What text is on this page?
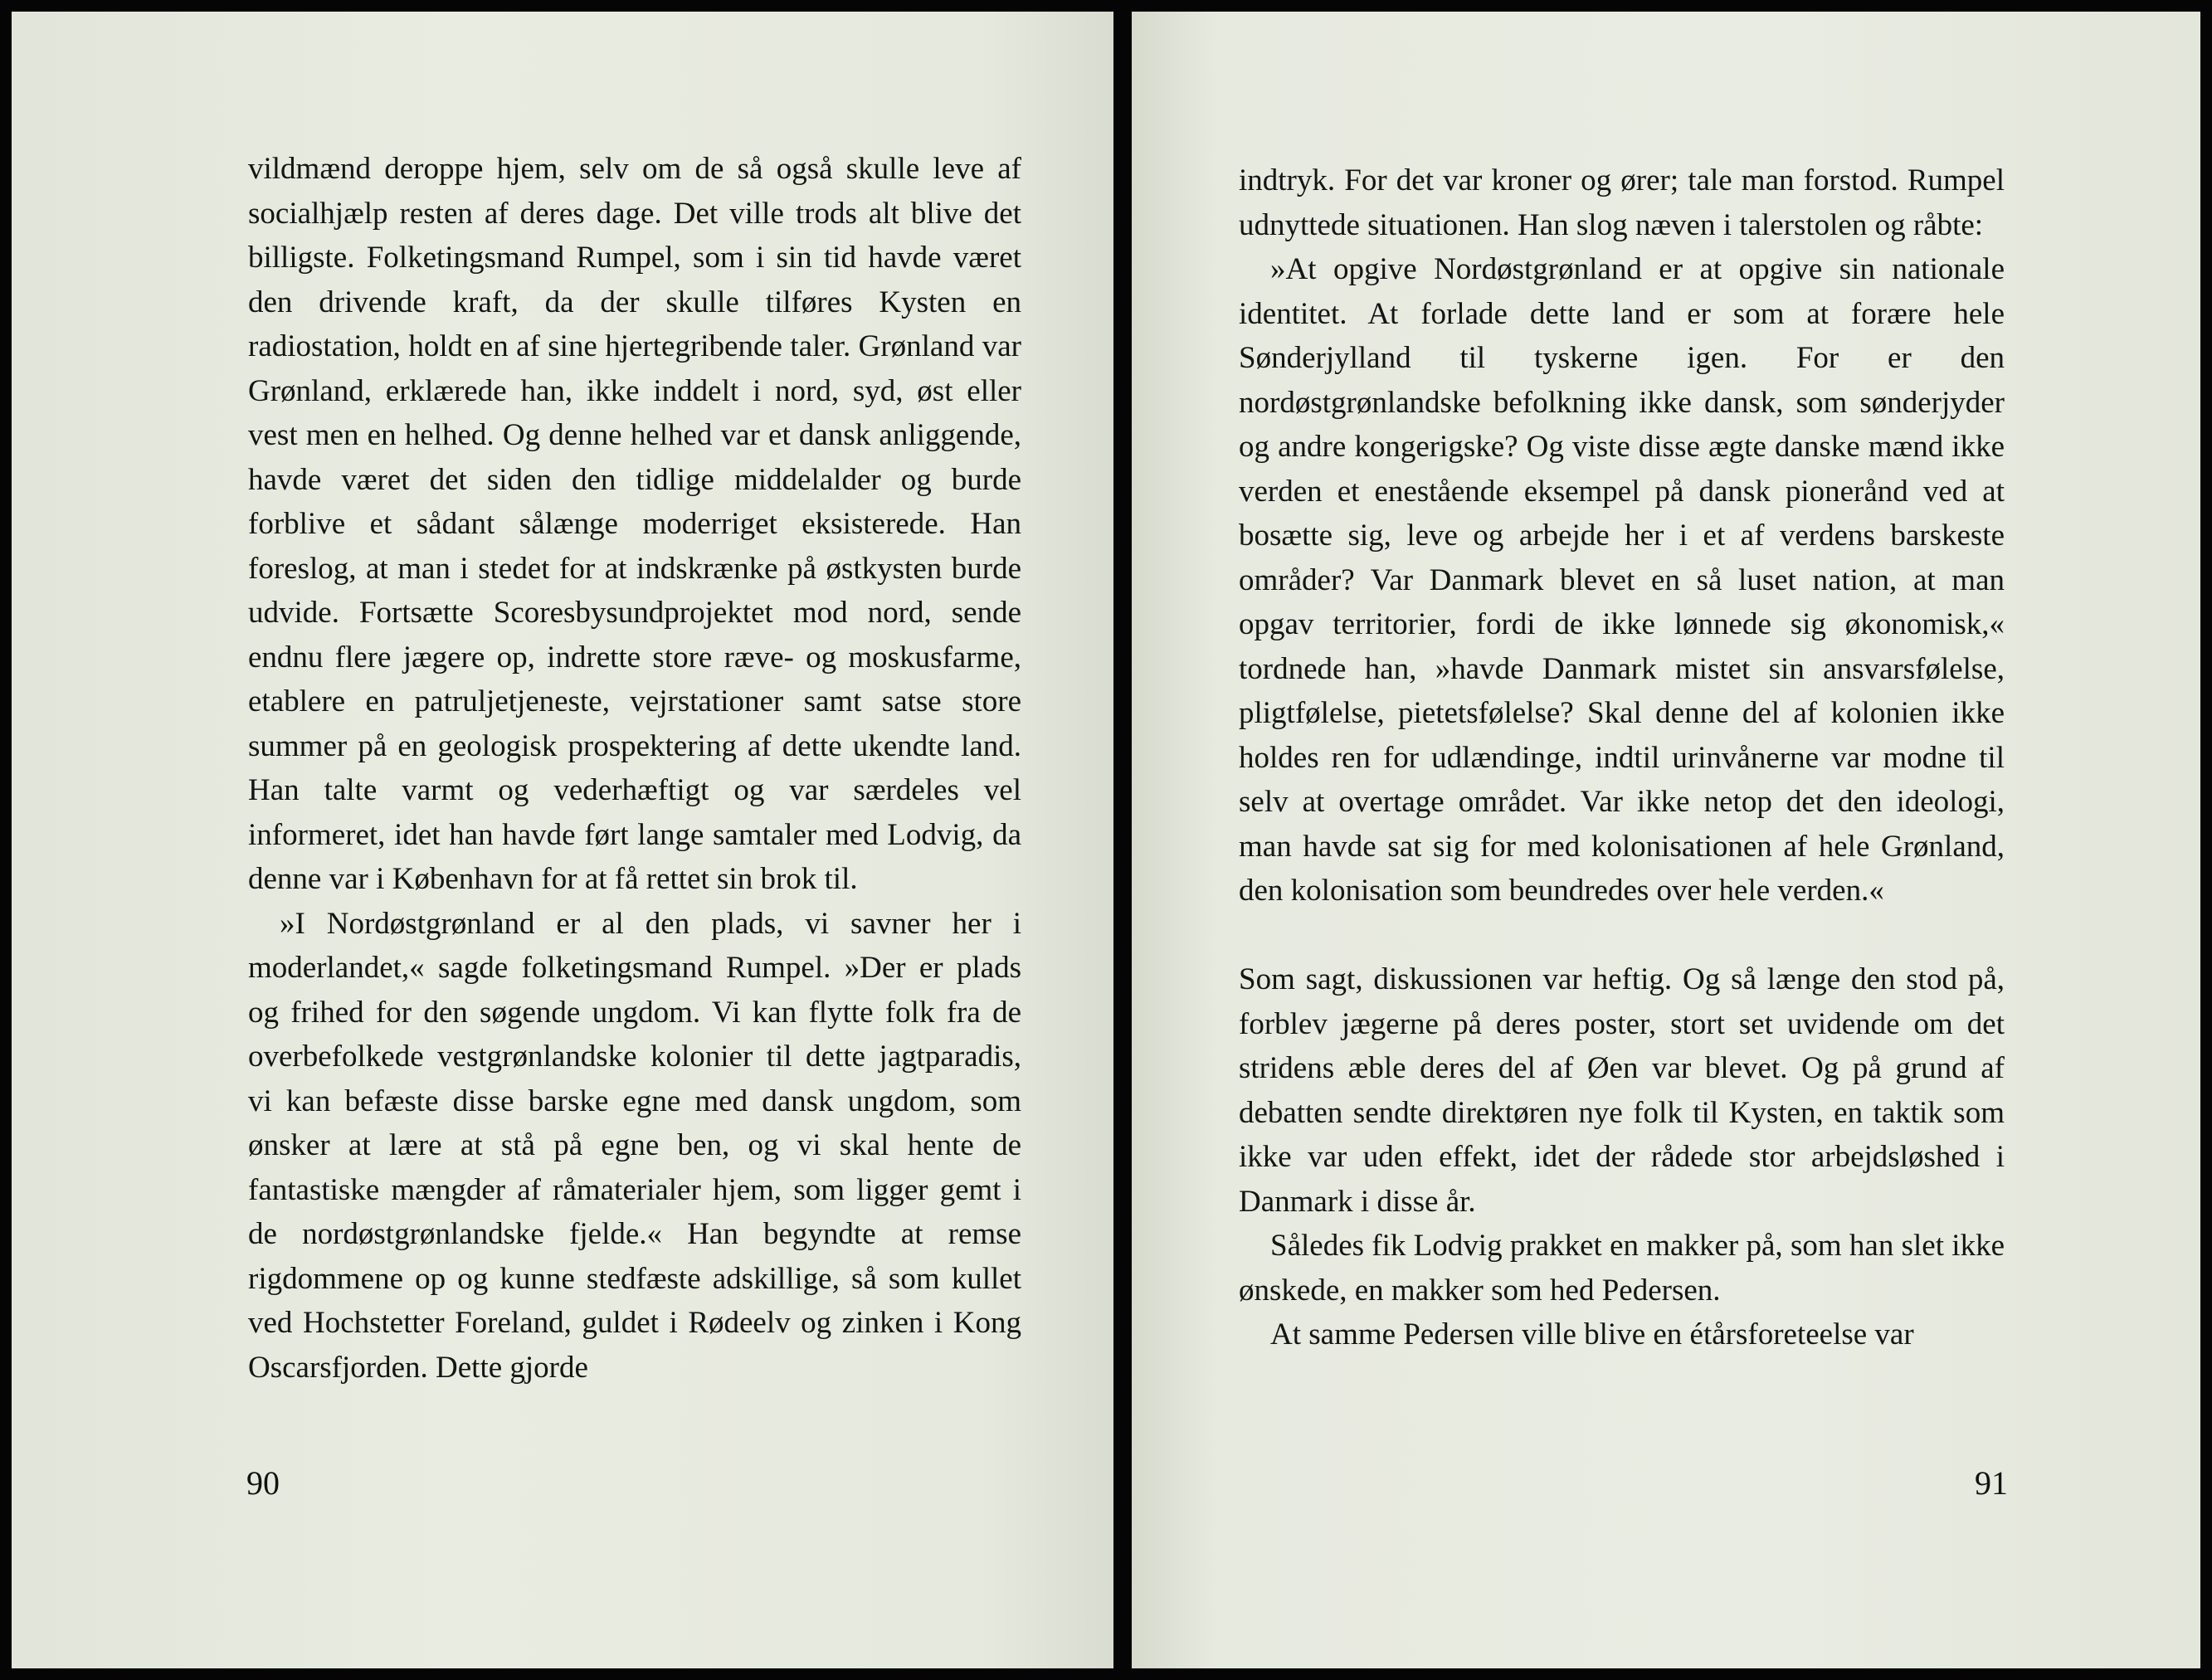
vildmænd deroppe hjem, selv om de så også skulle leve af socialhjælp resten af deres dage. Det ville trods alt blive det billigste. Folketingsmand Rumpel, som i sin tid havde været den drivende kraft, da der skulle tilføres Kysten en radiostation, holdt en af sine hjertegribende taler. Grønland var Grønland, erklærede han, ikke inddelt i nord, syd, øst eller vest men en helhed. Og denne helhed var et dansk anliggende, havde været det siden den tidlige middelalder og burde forblive et sådant sålænge moderriget eksisterede. Han foreslog, at man i stedet for at indskrænke på østkysten burde udvide. Fortsætte Scoresbysundprojektet mod nord, sende endnu flere jægere op, indrette store ræve- og moskusfarme, etablere en patruljetjeneste, vejrstationer samt satse store summer på en geologisk prospektering af dette ukendte land. Han talte varmt og vederhæftigt og var særdeles vel informeret, idet han havde ført lange samtaler med Lodvig, da denne var i København for at få rettet sin brok til.

»I Nordøstgrønland er al den plads, vi savner her i moderlandet,« sagde folketingsmand Rumpel. »Der er plads og frihed for den søgende ungdom. Vi kan flytte folk fra de overbefolkede vestgrønlandske kolonier til dette jagtparadis, vi kan befæste disse barske egne med dansk ungdom, som ønsker at lære at stå på egne ben, og vi skal hente de fantastiske mængder af råmaterialer hjem, som ligger gemt i de nordøstgrønlandske fjelde.« Han begyndte at remse rigdommene op og kunne stedfæste adskillige, så som kullet ved Hochstetter Foreland, guldet i Rødeelv og zinken i Kong Oscarsfjorden. Dette gjorde

90

indtryk. For det var kroner og ører; tale man forstod. Rumpel udnyttede situationen. Han slog næven i talerstolen og råbte:

»At opgive Nordøstgrønland er at opgive sin nationale identitet. At forlade dette land er som at forære hele Sønderjylland til tyskerne igen. For er den nordøstgrønlandske befolkning ikke dansk, som sønderjyder og andre kongerigske? Og viste disse ægte danske mænd ikke verden et enestående eksempel på dansk pionerånd ved at bosætte sig, leve og arbejde her i et af verdens barskeste områder? Var Danmark blevet en så luset nation, at man opgav territorier, fordi de ikke lønnede sig økonomisk,« tordnede han, »havde Danmark mistet sin ansvarsfølelse, pligtfølelse, pietetsfølelse? Skal denne del af kolonien ikke holdes ren for udlændinge, indtil urinvånerne var modne til selv at overtage området. Var ikke netop det den ideologi, man havde sat sig for med kolonisationen af hele Grønland, den kolonisation som beundredes over hele verden.«

Som sagt, diskussionen var heftig. Og så længe den stod på, forblev jægerne på deres poster, stort set uvidende om det stridens æble deres del af Øen var blevet. Og på grund af debatten sendte direktøren nye folk til Kysten, en taktik som ikke var uden effekt, idet der rådede stor arbejdsløshed i Danmark i disse år.

Således fik Lodvig prakket en makker på, som han slet ikke ønskede, en makker som hed Pedersen.

At samme Pedersen ville blive en étårsforeteelse var

91
